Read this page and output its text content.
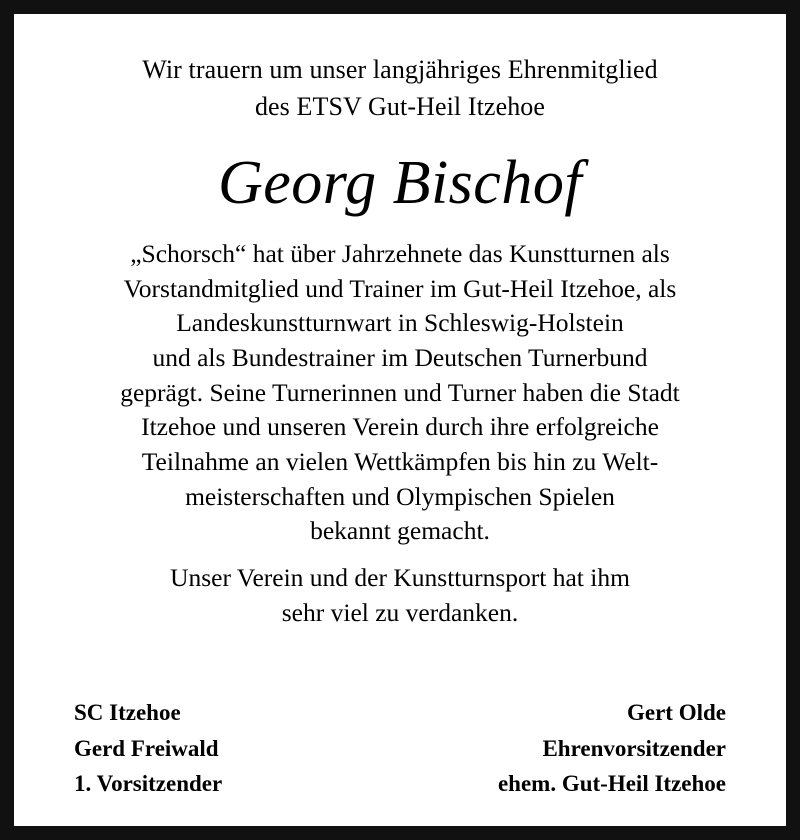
Wir trauern um unser langjähriges Ehrenmitglied
des ETSV Gut-Heil Itzehoe
Georg Bischof
„Schorsch“ hat über Jahrzehnete das Kunstturnen als
Vorstandmitglied und Trainer im Gut-Heil Itzehoe, als
Landeskunstturnwart in Schleswig-Holstein
und als Bundestrainer im Deutschen Turnerbund
geprägt. Seine Turnerinnen und Turner haben die Stadt
Itzehoe und unseren Verein durch ihre erfolgreiche
Teilnahme an vielen Wettkämpfen bis hin zu Welt-
meisterschaften und Olympischen Spielen
bekannt gemacht.
Unser Verein und der Kunstturnsport hat ihm
sehr viel zu verdanken.
SC Itzehoe
Gerd Freiwald
1. Vorsitzender
Gert Olde
Ehrenvorsitzender
ehem. Gut-Heil Itzehoe
